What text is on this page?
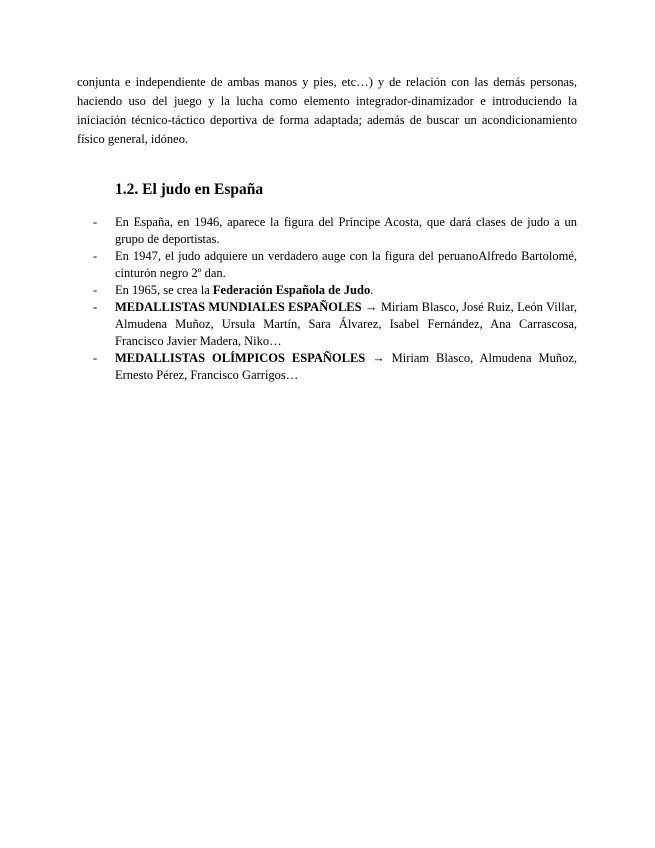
conjunta e independiente de ambas manos y pies, etc…) y de relación con las demás personas, haciendo uso del juego y la lucha como elemento integrador-dinamizador e introduciendo la iniciación técnico-táctico deportiva de forma adaptada; además de buscar un acondicionamiento físico general, idóneo.

1.2. El judo en España
- En España, en 1946, aparece la figura del Príncipe Acosta, que dará clases de judo a un grupo de deportistas.
- En 1947, el judo adquiere un verdadero auge con la figura del peruanoAlfredo Bartolomé, cinturón negro 2º dan.
- En 1965, se crea la Federación Española de Judo.
- MEDALLISTAS MUNDIALES ESPAÑOLES → Miriam Blasco, José Ruiz, León Villar, Almudena Muñoz, Ursula Martín, Sara Álvarez, Isabel Fernández, Ana Carrascosa, Francisco Javier Madera, Niko…
- MEDALLISTAS OLÍMPICOS ESPAÑOLES → Miriam Blasco, Almudena Muñoz, Ernesto Pérez, Francisco Garrigos…
